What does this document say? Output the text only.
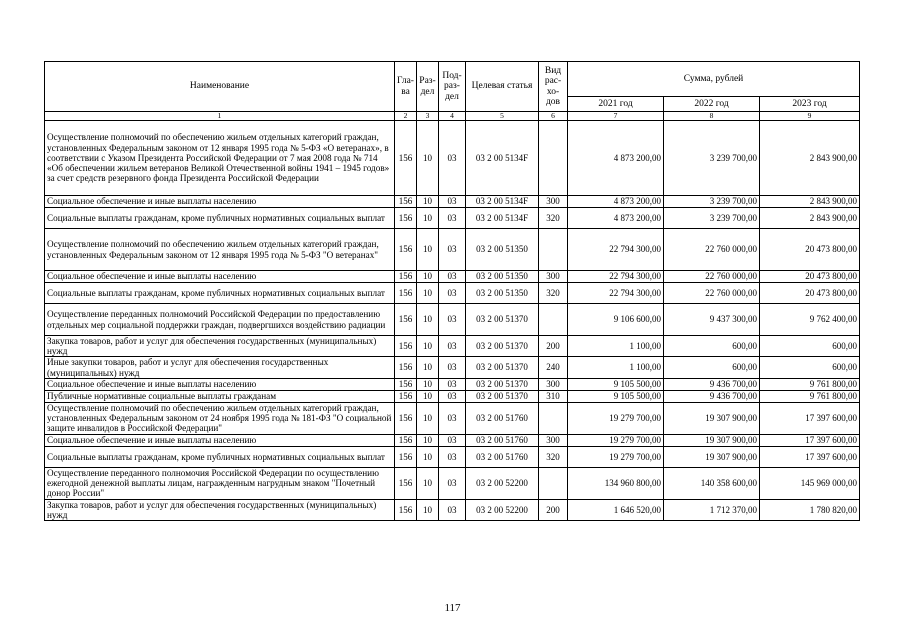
Наименование	Гла-ва	Раз-дел	Под-раз-дел	Целевая статья	Вид рас-хо-дов	Сумма, рублей		
						2021 год	2022 год	2023 год
1	2	3	4	5	6	7	8	9
Осуществление полномочий по обеспечению жильем отдельных категорий граждан, установленных Федеральным законом от 12 января 1995 года № 5-ФЗ «О ветеранах», в соответствии с Указом Президента Российской Федерации от 7 мая 2008 года № 714 «Об обеспечении жильем ветеранов Великой Отечественной войны 1941 – 1945 годов» за счет средств резервного фонда Президента Российской Федерации	156	10	03	03 2 00 5134F		4 873 200,00	3 239 700,00	2 843 900,00
Социальное обеспечение и иные выплаты населению	156	10	03	03 2 00 5134F	300	4 873 200,00	3 239 700,00	2 843 900,00
Социальные выплаты гражданам, кроме публичных нормативных социальных выплат	156	10	03	03 2 00 5134F	320	4 873 200,00	3 239 700,00	2 843 900,00
Осуществление полномочий по обеспечению жильем отдельных категорий граждан, установленных Федеральным законом от 12 января 1995 года № 5-ФЗ "О ветеранах"	156	10	03	03 2 00 51350		22 794 300,00	22 760 000,00	20 473 800,00
Социальное обеспечение и иные выплаты населению	156	10	03	03 2 00 51350	300	22 794 300,00	22 760 000,00	20 473 800,00
Социальные выплаты гражданам, кроме публичных нормативных социальных выплат	156	10	03	03 2 00 51350	320	22 794 300,00	22 760 000,00	20 473 800,00
Осуществление переданных полномочий Российской Федерации по предоставлению отдельных мер социальной поддержки граждан, подвергшихся воздействию радиации	156	10	03	03 2 00 51370		9 106 600,00	9 437 300,00	9 762 400,00
Закупка товаров, работ и услуг для обеспечения государственных (муниципальных) нужд	156	10	03	03 2 00 51370	200	1 100,00	600,00	600,00
Иные закупки товаров, работ и услуг для обеспечения государственных (муниципальных) нужд	156	10	03	03 2 00 51370	240	1 100,00	600,00	600,00
Социальное обеспечение и иные выплаты населению	156	10	03	03 2 00 51370	300	9 105 500,00	9 436 700,00	9 761 800,00
Публичные нормативные социальные выплаты гражданам	156	10	03	03 2 00 51370	310	9 105 500,00	9 436 700,00	9 761 800,00
Осуществление полномочий по обеспечению жильем отдельных категорий граждан, установленных Федеральным законом от 24 ноября 1995 года № 181-ФЗ "О социальной защите инвалидов в Российской Федерации"	156	10	03	03 2 00 51760		19 279 700,00	19 307 900,00	17 397 600,00
Социальное обеспечение и иные выплаты населению	156	10	03	03 2 00 51760	300	19 279 700,00	19 307 900,00	17 397 600,00
Социальные выплаты гражданам, кроме публичных нормативных социальных выплат	156	10	03	03 2 00 51760	320	19 279 700,00	19 307 900,00	17 397 600,00
Осуществление переданного полномочия Российской Федерации по осуществлению ежегодной денежной выплаты лицам, награжденным нагрудным знаком "Почетный донор России"	156	10	03	03 2 00 52200		134 960 800,00	140 358 600,00	145 969 000,00
Закупка товаров, работ и услуг для обеспечения государственных (муниципальных) нужд	156	10	03	03 2 00 52200	200	1 646 520,00	1 712 370,00	1 780 820,00
117
